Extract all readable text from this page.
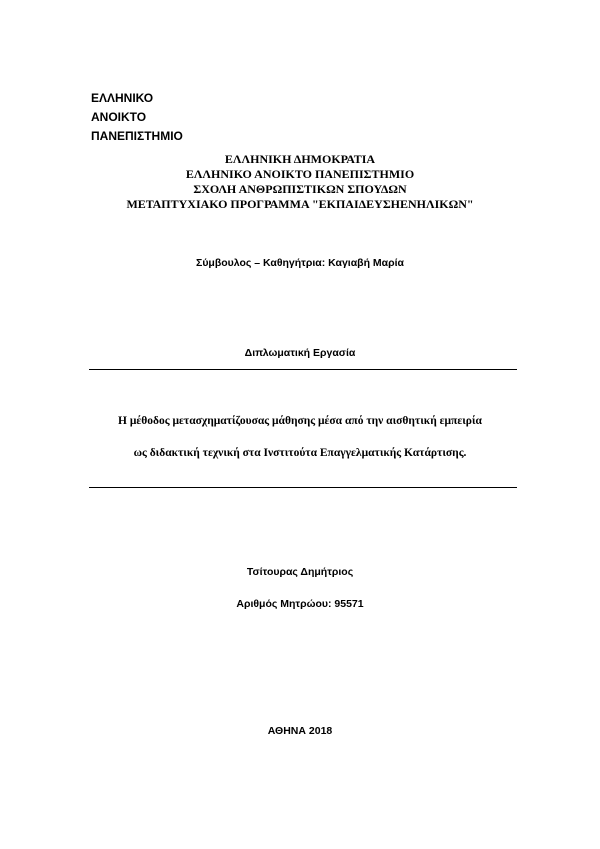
ΕΛΛΗΝΙΚΟ
ΑΝΟΙΚΤΟ
ΠΑΝΕΠΙΣΤΗΜΙΟ
ΕΛΛΗΝΙΚΗ ΔΗΜΟΚΡΑΤΙΑ
ΕΛΛΗΝΙΚΟ ΑΝΟΙΚΤΟ ΠΑΝΕΠΙΣΤΗΜΙΟ
ΣΧΟΛΗ ΑΝΘΡΩΠΙΣΤΙΚΩΝ ΣΠΟΥΔΩΝ
ΜΕΤΑΠΤΥΧΙΑΚΟ ΠΡΟΓΡΑΜΜΑ "ΕΚΠΑΙΔΕΥΣΗΕΝΗΛΙΚΩΝ"
Σύμβουλος – Καθηγήτρια: Καγιαβή Μαρία
Διπλωματική Εργασία
Η μέθοδος μετασχηματίζουσας μάθησης μέσα από την αισθητική εμπειρία
ως διδακτική τεχνική στα Ινστιτούτα Επαγγελματικής Κατάρτισης.
Τσίτουρας Δημήτριος
Αριθμός Μητρώου: 95571
ΑΘΗΝΑ 2018
